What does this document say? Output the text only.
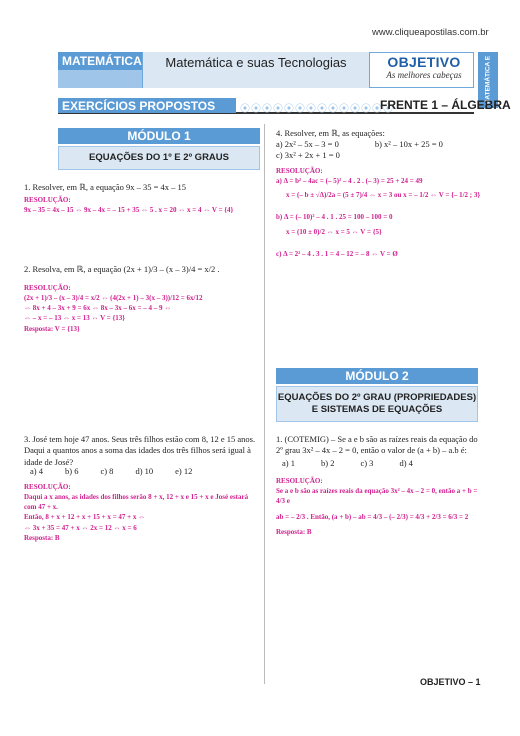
www.cliqueapostilas.com.br
MATEMÁTICA E
MATEMÁTICA	Matemática e suas Tecnologias	OBJETIVO
As melhores cabeças
EXERCÍCIOS PROPOSTOS	⦿⦿⦿⦿⦿⦿⦿⦿⦿⦿⦿⦿⦿⦿
FRENTE 1 – ÁLGEBRA
MÓDULO 1
EQUAÇÕES DO 1º E 2º GRAUS
1. Resolver, em ℝ, a equação 9x – 35 = 4x – 15
RESOLUÇÃO:
9x – 35 = 4x – 15 ⇔ 9x – 4x = – 15 + 35 ⇔ 5 . x = 20 ⇔ x = 4 ⇔ V = {4}
2. Resolva, em ℝ, a equação (2x + 1)/3 – (x – 3)/4 = x/2 .
RESOLUÇÃO:
(2x + 1)/3 – (x – 3)/4 = x/2 ⇔ (4(2x + 1) – 3(x – 3))/12 = 6x/12
⇔ 8x + 4 – 3x + 9 = 6x ⇔ 8x – 3x – 6x = – 4 – 9 ⇔
⇔ – x = – 13 ⇔ x = 13 ⇔ V = {13}
Resposta: V = {13}
3. José tem hoje 47 anos. Seus três filhos estão com 8, 12 e 15 anos. Daqui a quantos anos a soma das idades dos três filhos será igual à idade de José?
a) 4	b) 6	c) 8	d) 10	e) 12
RESOLUÇÃO:
Daqui a x anos, as idades dos filhos serão 8 + x, 12 + x e 15 + x e José estará com 47 + x.
Então, 8 + x + 12 + x + 15 + x = 47 + x ⇔
⇔ 3x + 35 = 47 + x ⇔ 2x = 12 ⇔ x = 6
Resposta: B
4. Resolver, em ℝ, as equações:
a) 2x² – 5x – 3 = 0	b) x² – 10x + 25 = 0
c) 3x² + 2x + 1 = 0
RESOLUÇÃO:
a) Δ = b² – 4ac = (– 5)² – 4 . 2 . (– 3) = 25 + 24 = 49
x = (– b ± √Δ)/2a = (5 ± 7)/4 ⇔ x = 3 ou x = – 1/2 ⇔ V = {– 1/2 ; 3}
b) Δ = (– 10)² – 4 . 1 . 25 = 100 – 100 = 0
x = (10 ± 0)/2 ⇔ x = 5 ⇔ V = {5}
c) Δ = 2² – 4 . 3 . 1 = 4 – 12 = – 8 ⇔ V = Ø
MÓDULO 2
EQUAÇÕES DO 2º GRAU (PROPRIEDADES)
E SISTEMAS DE EQUAÇÕES
1. (COTEMIG) – Se a e b são as raízes reais da equação do 2º grau 3x² – 4x – 2 = 0, então o valor de (a + b) – a.b é:
a) 1	b) 2	c) 3	d) 4
RESOLUÇÃO:
Se a e b são as raízes reais da equação 3x² – 4x – 2 = 0, então a + b = 4/3 e
ab = – 2/3 . Então, (a + b) – ab = 4/3 – (– 2/3) = 4/3 + 2/3 = 6/3 = 2
Resposta: B
OBJETIVO – 1
